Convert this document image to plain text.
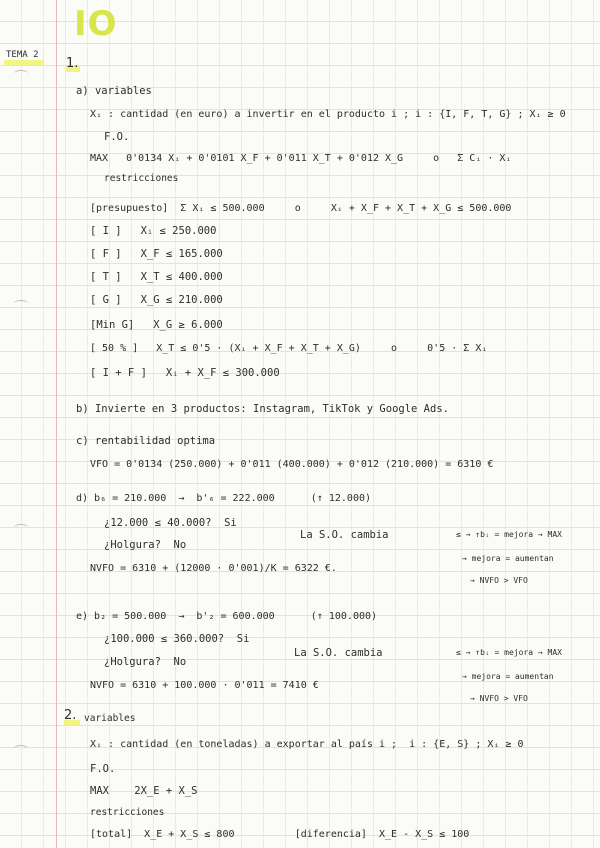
IO
TEMA 2
1.
a) variables
Xᵢ : cantidad (en euro) a invertir en el producto i ; i : {I, F, T, G} ; Xᵢ ≥ 0
F.O.
MAX   0'0134 Xᵢ + 0'0101 X_F + 0'011 X_T + 0'012 X_G     o   Σ Cᵢ · Xᵢ
restricciones
[presupuesto]  Σ Xᵢ ≤ 500.000     o     Xᵢ + X_F + X_T + X_G ≤ 500.000
[ I ]   Xᵢ ≤ 250.000
[ F ]   X_F ≤ 165.000
[ T ]   X_T ≤ 400.000
[ G ]   X_G ≤ 210.000
[Min G]   X_G ≥ 6.000
[ 50 % ]   X_T ≤ 0'5 · (Xᵢ + X_F + X_T + X_G)     o     0'5 · Σ Xᵢ
[ I + F ]   Xᵢ + X_F ≤ 300.000
b) Invierte en 3 productos: Instagram, TikTok y Google Ads.
c) rentabilidad optima
VFO = 0'0134 (250.000) + 0'011 (400.000) + 0'012 (210.000) = 6310 €
d) b₆ = 210.000  →  b'₆ = 222.000      (↑ 12.000)
¿12.000 ≤ 40.000?  Si
¿Holgura?  No
NVFO = 6310 + (12000 · 0'001)/K = 6322 €.
La S.O. cambia	≤ → ↑bᵢ = mejora → MAX
→ mejora = aumentan
→ NVFO > VFO
e) b₂ = 500.000  →  b'₂ = 600.000      (↑ 100.000)
¿100.000 ≤ 360.000?  Si
¿Holgura?  No
NVFO = 6310 + 100.000 · 0'011 = 7410 €
La S.O. cambia	≤ → ↑bᵢ = mejora → MAX
→ mejora = aumentan
→ NVFO > VFO
2. variables
Xᵢ : cantidad (en toneladas) a exportar al país i ;  i : {E, S} ; Xᵢ ≥ 0
F.O.
MAX    2X_E + X_S
restricciones
[total]  X_E + X_S ≤ 800          [diferencia]  X_E - X_S ≤ 100
